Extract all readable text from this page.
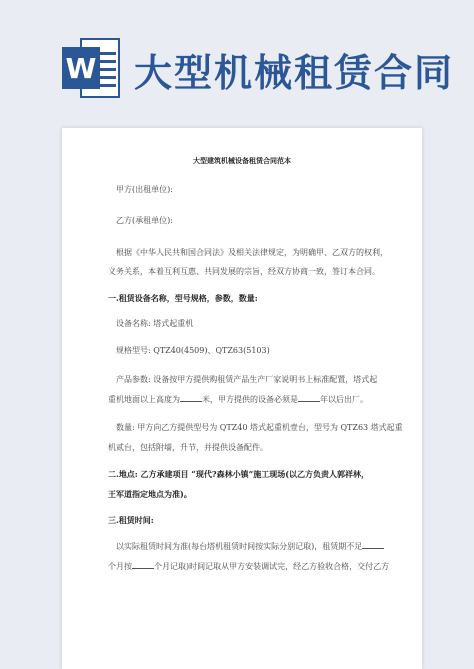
W 大型机械租赁合同
大型建筑机械设备租赁合同范本
甲方(出租单位):
乙方(承租单位):
根据《中华人民共和国合同法》及相关法律规定，为明确甲、乙双方的权利，
义务关系，本着互利互惠、共同发展的宗旨，经双方协商一致，签订本合同。
一.租赁设备名称，型号规格，参数，数量:
设备名称: 塔式起重机
规格型号: QTZ40(4509)、QTZ63(5103)
产品参数: 设备按甲方提供购租赁产品生产厂家说明书上标准配置，塔式起
重机地面以上高度为	米，甲方提供的设备必须是	年以后出厂。
数量: 甲方向乙方提供型号为 QTZ40 塔式起重机壹台，型号为 QTZ63 塔式起重
机贰台，包括附墙，升节，并提供设备配件。
二.地点: 乙方承建项目 “现代?森林小镇”施工现场(以乙方负责人郭祥林，
王军道指定地点为准)。
三.租赁时间:
以实际租赁时间为准(每台塔机租赁时间按实际分别记取)，租赁期不足
个月按	个月记取)时间记取从甲方安装调试完，经乙方验收合格，交付乙方
